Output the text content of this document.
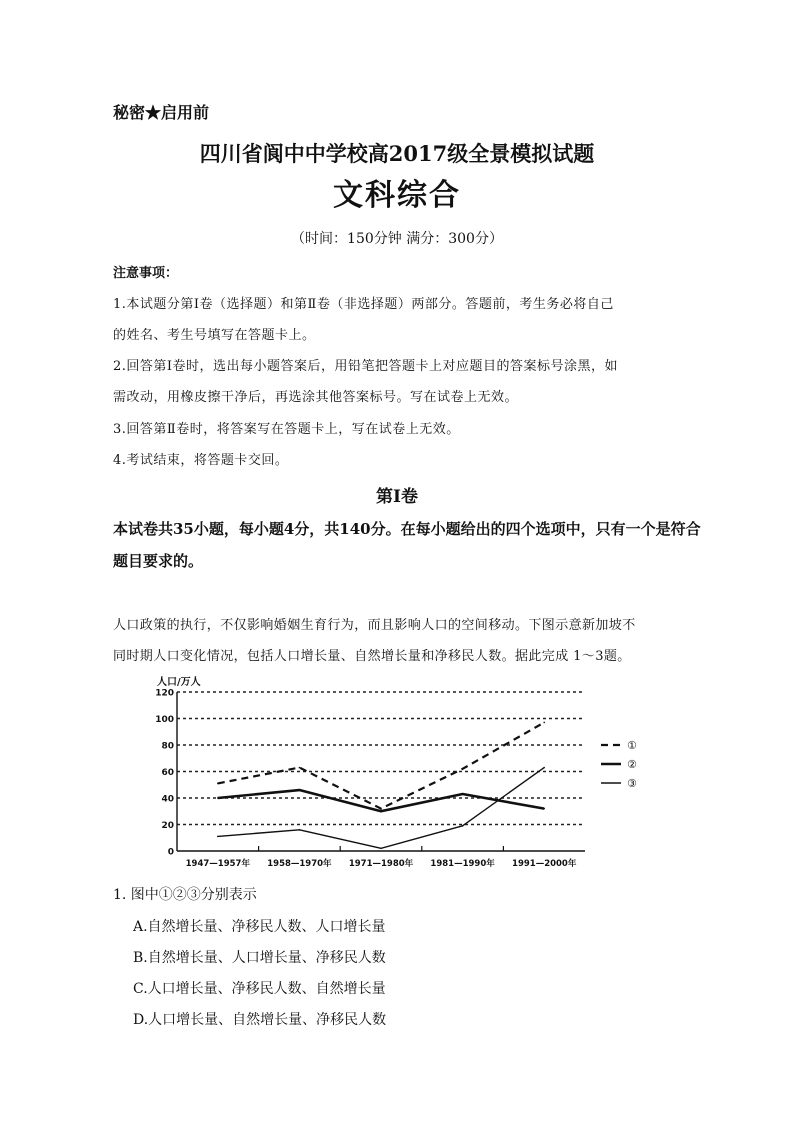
秘密★启用前
四川省阆中中学校高2017级全景模拟试题
文科综合
（时间：150分钟 满分：300分）
注意事项：
1.本试题分第Ⅰ卷（选择题）和第Ⅱ卷（非选择题）两部分。答题前，考生务必将自己
的姓名、考生号填写在答题卡上。
2.回答第Ⅰ卷时，选出每小题答案后，用铅笔把答题卡上对应题目的答案标号涂黑，如
需改动，用橡皮擦干净后，再选涂其他答案标号。写在试卷上无效。
3.回答第Ⅱ卷时，将答案写在答题卡上，写在试卷上无效。
4.考试结束，将答题卡交回。
第Ⅰ卷
本试卷共35小题，每小题4分，共140分。在每小题给出的四个选项中，只有一个是符合
题目要求的。
人口政策的执行，不仅影响婚姻生育行为，而且影响人口的空间移动。下图示意新加坡不
同时期人口变化情况，包括人口增长量、自然增长量和净移民人数。据此完成 1～3题。
人口/万人
0
20
40
60
80
100
120
1947—1957年 1958—1970年 1971—1980年 1981—1990年 1991—2000年
①
②
③
1. 图中①②③分别表示
A.自然增长量、净移民人数、人口增长量
B.自然增长量、人口增长量、净移民人数
C.人口增长量、净移民人数、自然增长量
D.人口增长量、自然增长量、净移民人数
